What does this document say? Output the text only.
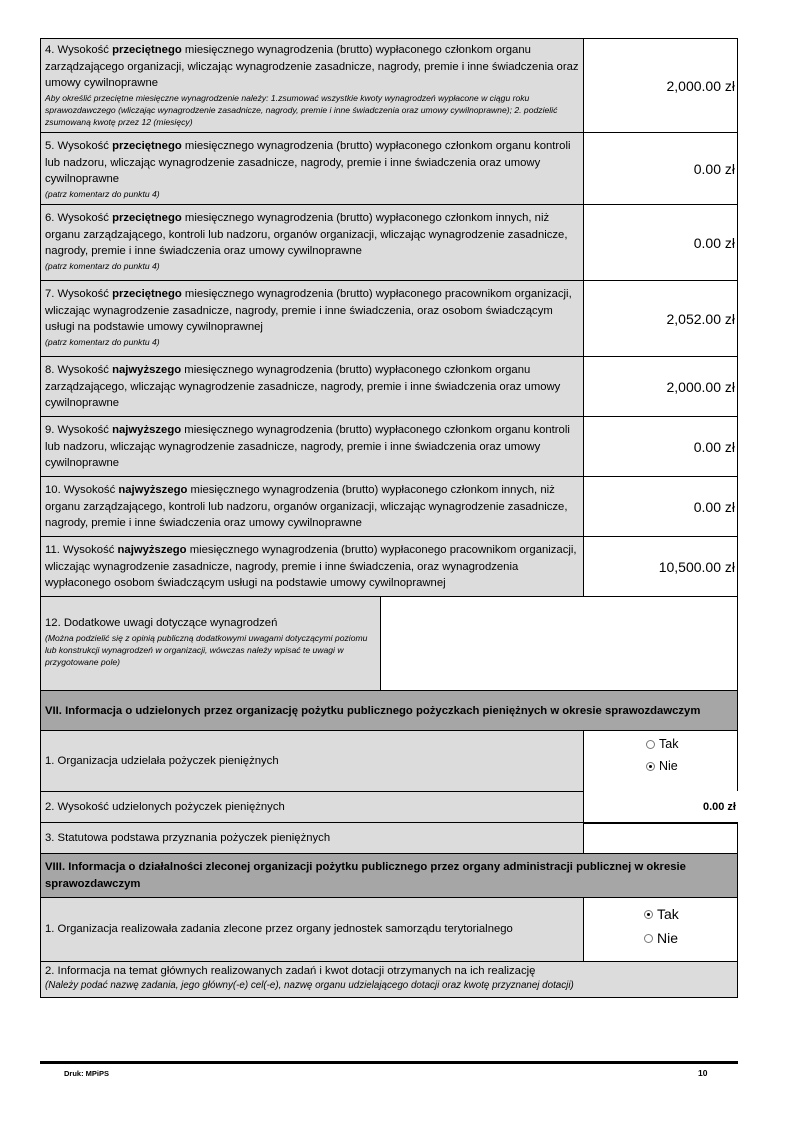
4. Wysokość przeciętnego miesięcznego wynagrodzenia (brutto) wypłaconego członkom organu zarządzającego organizacji, wliczając wynagrodzenie zasadnicze, nagrody, premie i inne świadczenia oraz umowy cywilnoprawne
Aby określić przeciętne miesięczne wynagrodzenie należy: 1.zsumować wszystkie kwoty wynagrodzeń wypłacone w ciągu roku sprawozdawczego (wliczając wynagrodzenie zasadnicze, nagrody, premie i inne świadczenia oraz umowy cywilnoprawne); 2. podzielić zsumowaną kwotę przez 12 (miesięcy)
2,000.00 zł
5. Wysokość przeciętnego miesięcznego wynagrodzenia (brutto) wypłaconego członkom organu kontroli lub nadzoru, wliczając wynagrodzenie zasadnicze, nagrody, premie i inne świadczenia oraz umowy cywilnoprawne
(patrz komentarz do punktu 4)
0.00 zł
6. Wysokość przeciętnego miesięcznego wynagrodzenia (brutto) wypłaconego członkom innych, niż organu zarządzającego, kontroli lub nadzoru, organów organizacji, wliczając wynagrodzenie zasadnicze, nagrody, premie i inne świadczenia oraz umowy cywilnoprawne
(patrz komentarz do punktu 4)
0.00 zł
7. Wysokość przeciętnego miesięcznego wynagrodzenia (brutto) wypłaconego pracownikom organizacji, wliczając wynagrodzenie zasadnicze, nagrody, premie i inne świadczenia, oraz osobom świadczącym usługi na podstawie umowy cywilnoprawnej
(patrz komentarz do punktu 4)
2,052.00 zł
8. Wysokość najwyższego miesięcznego wynagrodzenia (brutto) wypłaconego członkom organu zarządzającego, wliczając wynagrodzenie zasadnicze, nagrody, premie i inne świadczenia oraz umowy cywilnoprawne
2,000.00 zł
9. Wysokość najwyższego miesięcznego wynagrodzenia (brutto) wypłaconego członkom organu kontroli lub nadzoru, wliczając wynagrodzenie zasadnicze, nagrody, premie i inne świadczenia oraz umowy cywilnoprawne
0.00 zł
10. Wysokość najwyższego miesięcznego wynagrodzenia (brutto) wypłaconego członkom innych, niż organu zarządzającego, kontroli lub nadzoru, organów organizacji, wliczając wynagrodzenie zasadnicze, nagrody, premie i inne świadczenia oraz umowy cywilnoprawne
0.00 zł
11. Wysokość najwyższego miesięcznego wynagrodzenia (brutto) wypłaconego pracownikom organizacji, wliczając wynagrodzenie zasadnicze, nagrody, premie i inne świadczenia, oraz wynagrodzenia wypłaconego osobom świadczącym usługi na podstawie umowy cywilnoprawnej
10,500.00 zł
12. Dodatkowe uwagi dotyczące wynagrodzeń
(Można podzielić się z opinią publiczną dodatkowymi uwagami dotyczącymi poziomu lub konstrukcji wynagrodzeń w organizacji, wówczas należy wpisać te uwagi w przygotowane pole)
VII. Informacja o udzielonych przez organizację pożytku publicznego pożyczkach pieniężnych w okresie sprawozdawczym
1. Organizacja udzielała pożyczek pieniężnych
Tak
Nie
2. Wysokość udzielonych pożyczek pieniężnych	0.00 zł
3. Statutowa podstawa przyznania pożyczek pieniężnych
VIII. Informacja o działalności zleconej organizacji pożytku publicznego przez organy administracji publicznej w okresie sprawozdawczym
1. Organizacja realizowała zadania zlecone przez organy jednostek samorządu terytorialnego
Tak
Nie
2. Informacja na temat głównych realizowanych zadań i kwot dotacji otrzymanych na ich realizację
(Należy podać nazwę zadania, jego główny(-e) cel(-e), nazwę organu udzielającego dotacji oraz kwotę przyznanej dotacji)
Druk: MPiPS	10
